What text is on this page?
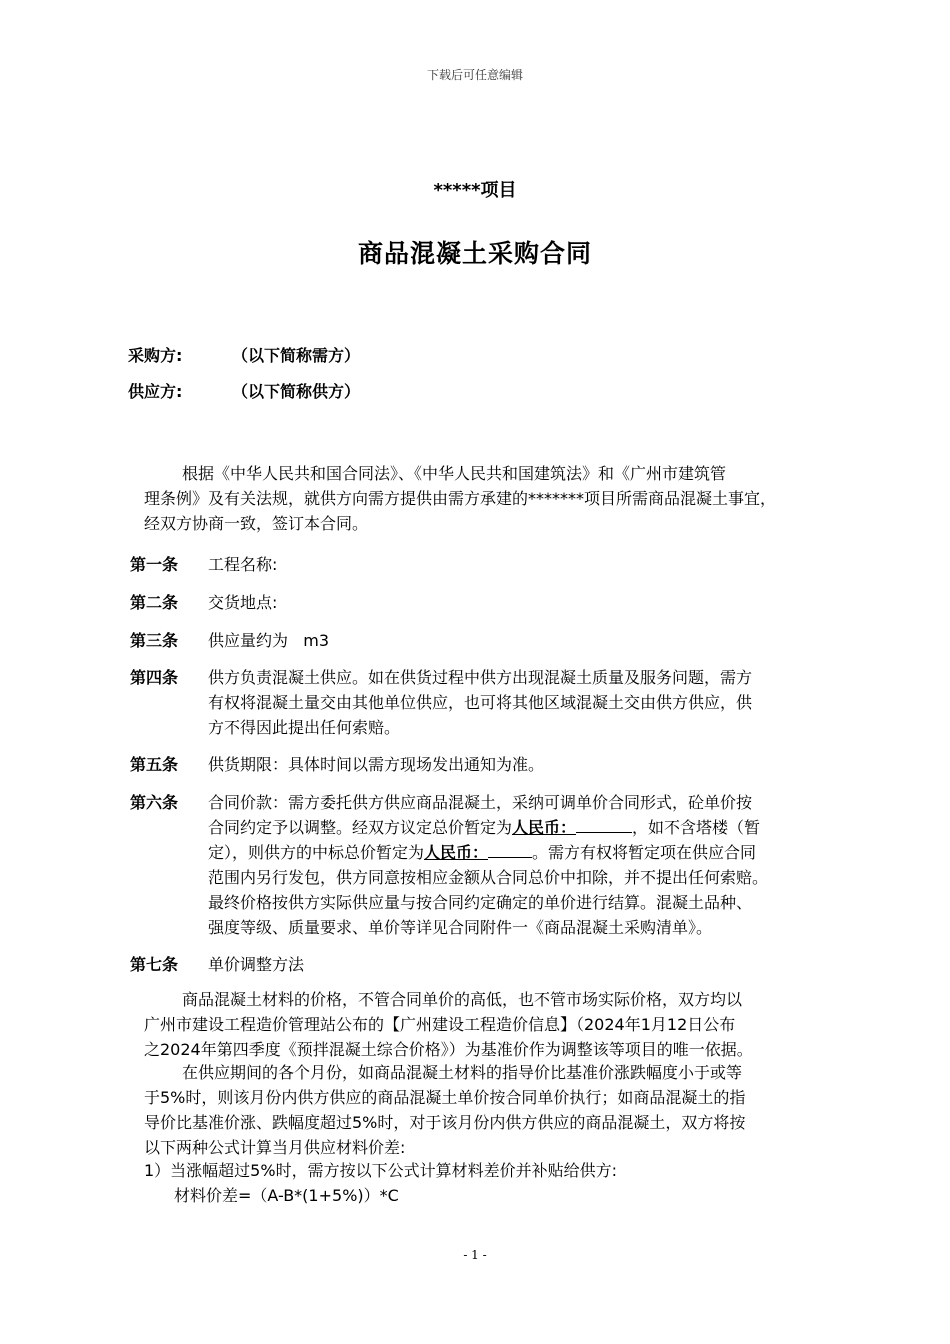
下载后可任意编辑
*****项目
商品混凝土采购合同
采购方:	（以下简称需方）
供应方:	（以下简称供方）
根据《中华人民共和国合同法》、《中华人民共和国建筑法》和《广州市建筑管
理条例》及有关法规，就供方向需方提供由需方承建的*******项目所需商品混凝土事宜，
经双方协商一致，签订本合同。
第一条	工程名称:
第二条	交货地点:
第三条	供应量约为   m3
第四条	供方负责混凝土供应。如在供货过程中供方出现混凝土质量及服务问题，需方
有权将混凝土量交由其他单位供应，也可将其他区域混凝土交由供方供应，供
方不得因此提出任何索赔。
第五条	供货期限：具体时间以需方现场发出通知为准。
第六条	合同价款：需方委托供方供应商品混凝土，采纳可调单价合同形式，砼单价按
合同约定予以调整。经双方议定总价暂定为人民币：	，如不含塔楼（暂
定），则供方的中标总价暂定为人民币：	。需方有权将暂定项在供应合同
范围内另行发包，供方同意按相应金额从合同总价中扣除，并不提出任何索赔。
最终价格按供方实际供应量与按合同约定确定的单价进行结算。混凝土品种、
强度等级、质量要求、单价等详见合同附件一《商品混凝土采购清单》。
第七条	单价调整方法
商品混凝土材料的价格，不管合同单价的高低，也不管市场实际价格，双方均以
广州市建设工程造价管理站公布的【广州建设工程造价信息】（2024年1月12日公布
之2024年第四季度《预拌混凝土综合价格》）为基准价作为调整该等项目的唯一依据。
在供应期间的各个月份，如商品混凝土材料的指导价比基准价涨跌幅度小于或等
于5%时，则该月份内供方供应的商品混凝土单价按合同单价执行；如商品混凝土的指
导价比基准价涨、跌幅度超过5%时，对于该月份内供方供应的商品混凝土，双方将按
以下两种公式计算当月供应材料价差:
1）当涨幅超过5%时，需方按以下公式计算材料差价并补贴给供方:
材料价差=（A-B*(1+5%)）*C
- 1 -
